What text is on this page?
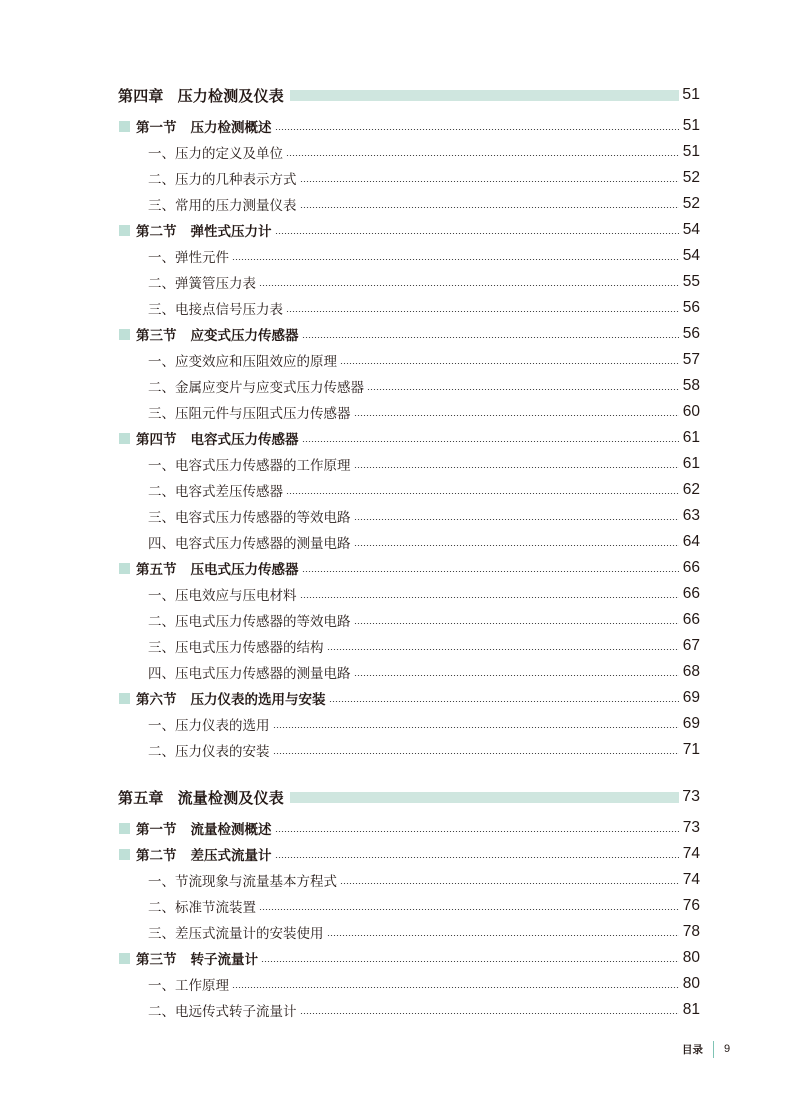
第四章 压力检测及仪表	51
第一节 压力检测概述	51
一、压力的定义及单位	51
二、压力的几种表示方式	52
三、常用的压力测量仪表	52
第二节 弹性式压力计	54
一、弹性元件	54
二、弹簧管压力表	55
三、电接点信号压力表	56
第三节 应变式压力传感器	56
一、应变效应和压阻效应的原理	57
二、金属应变片与应变式压力传感器	58
三、压阻元件与压阻式压力传感器	60
第四节 电容式压力传感器	61
一、电容式压力传感器的工作原理	61
二、电容式差压传感器	62
三、电容式压力传感器的等效电路	63
四、电容式压力传感器的测量电路	64
第五节 压电式压力传感器	66
一、压电效应与压电材料	66
二、压电式压力传感器的等效电路	66
三、压电式压力传感器的结构	67
四、压电式压力传感器的测量电路	68
第六节 压力仪表的选用与安装	69
一、压力仪表的选用	69
二、压力仪表的安装	71
第五章 流量检测及仪表	73
第一节 流量检测概述	73
第二节 差压式流量计	74
一、节流现象与流量基本方程式	74
二、标准节流装置	76
三、差压式流量计的安装使用	78
第三节 转子流量计	80
一、工作原理	80
二、电远传式转子流量计	81
目录 9
